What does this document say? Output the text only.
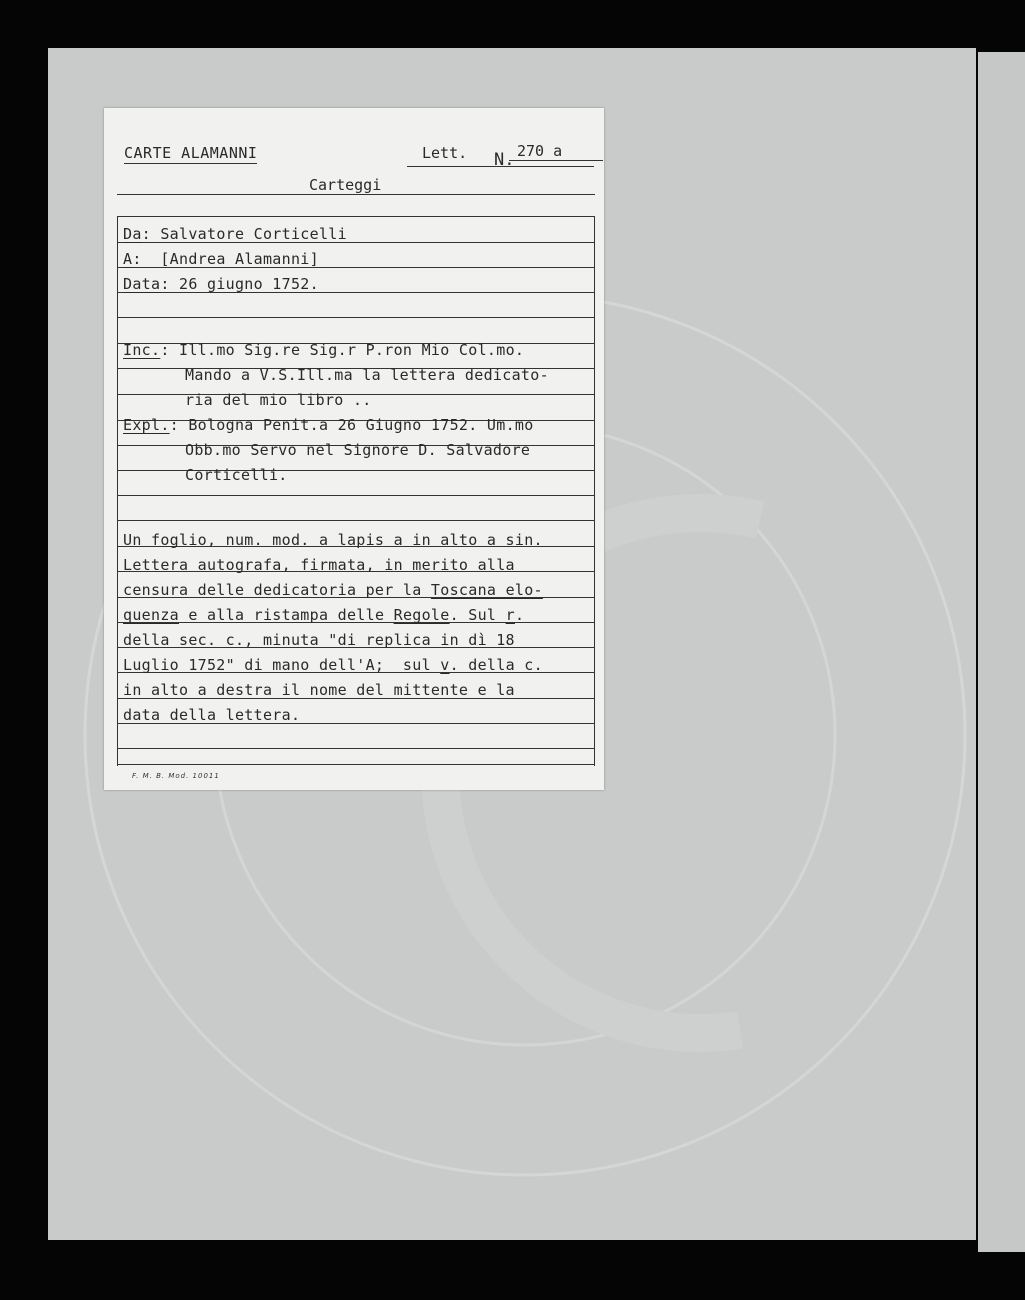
CARTE ALAMANNI	Lett. N. 270 a
Carteggi
Da: Salvatore Corticelli
A:  [Andrea Alamanni]
Data: 26 giugno 1752.
Inc.: Ill.mo Sig.re Sig.r P.ron Mio Col.mo.
Mando a V.S.Ill.ma la lettera dedicato-
ria del mio libro ..
Expl.: Bologna Penit.a 26 Giugno 1752. Um.mo
Obb.mo Servo nel Signore D. Salvadore
Corticelli.
Un foglio, num. mod. a lapis a in alto a sin.
Lettera autografa, firmata, in merito alla
censura delle dedicatoria per la Toscana elo-
quenza e alla ristampa delle Regole. Sul r.
della sec. c., minuta "di replica in dì 18
Luglio 1752" di mano dell'A;  sul v. della c.
in alto a destra il nome del mittente e la
data della lettera.
F. M. B. Mod. 10011
